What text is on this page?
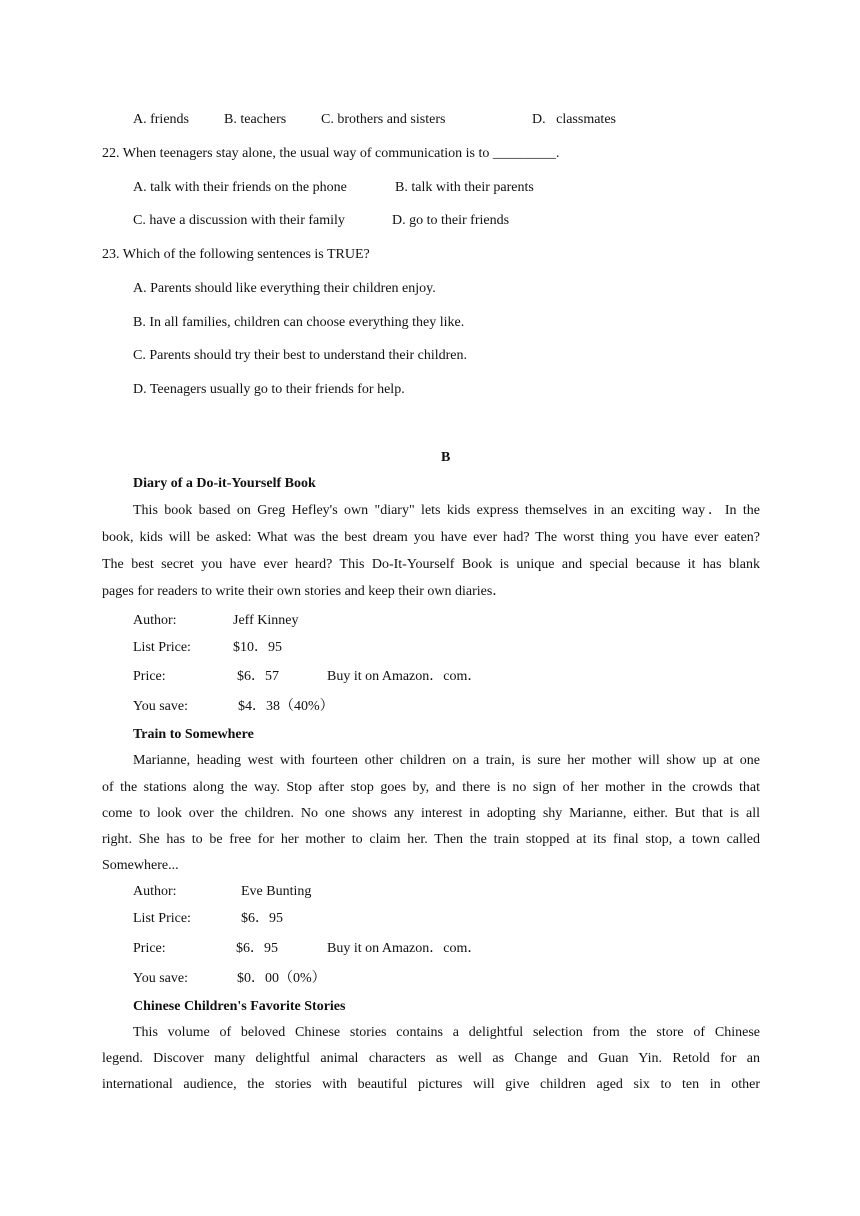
A. friends	B. teachers C. brothers and sisters	D.   classmates
22. When teenagers stay alone, the usual way of communication is to _________.
A. talk with their friends on the phone	B. talk with their parents
C. have a discussion with their family	D. go to their friends
23. Which of the following sentences is TRUE?
A. Parents should like everything their children enjoy.
B. In all families, children can choose everything they like.
C. Parents should try their best to understand their children.
D. Teenagers usually go to their friends for help.
B
Diary of a Do-it-Yourself Book
This book based on Greg Hefley's own "diary" lets kids express themselves in an exciting way．In the
book, kids will be asked: What was the best dream you have ever had? The worst thing you have ever eaten?
The best secret you have ever heard? This Do-It-Yourself Book is unique and special because it has blank
pages for readers to write their own stories and keep their own diaries．
Author:	Jeff Kinney
List Price:	$10．95
Price:	$6．57	Buy it on Amazon．com．
You save:	$4．38（40%）
Train to Somewhere
Marianne, heading west with fourteen other children on a train, is sure her mother will show up at one
of the stations along the way. Stop after stop goes by, and there is no sign of her mother in the crowds that
come to look over the children. No one shows any interest in adopting shy Marianne, either. But that is all
right. She has to be free for her mother to claim her. Then the train stopped at its final stop, a town called
Somewhere...
Author:	Eve Bunting
List Price:	$6．95
Price:	$6．95	Buy it on Amazon．com．
You save:	$0．00（0%）
Chinese Children's Favorite Stories
This volume of beloved Chinese stories contains a delightful selection from the store of Chinese
legend. Discover many delightful animal characters as well as Change and Guan Yin. Retold for an
international audience, the stories with beautiful pictures will give children aged six to ten in other
